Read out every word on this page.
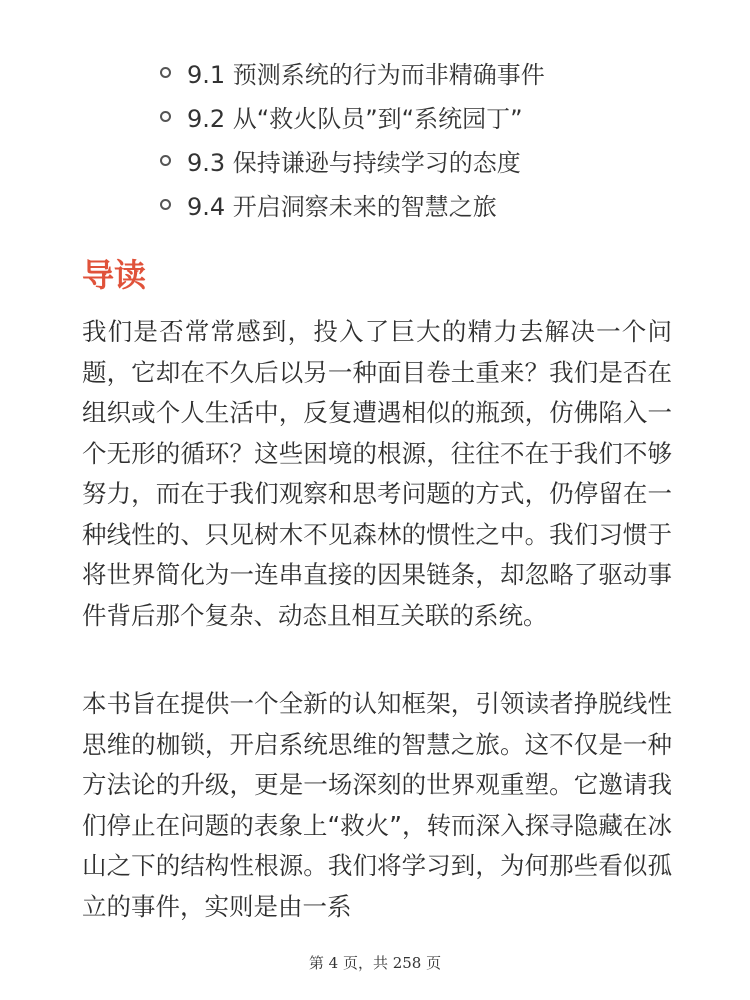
9.1 预测系统的行为而非精确事件
9.2 从“救火队员”到“系统园丁”
9.3 保持谦逊与持续学习的态度
9.4 开启洞察未来的智慧之旅
导读

我们是否常常感到，投入了巨大的精力去解决一个问题，它却在不久后以另一种面目卷土重来？我们是否在组织或个人生活中，反复遭遇相似的瓶颈，仿佛陷入一个无形的循环？这些困境的根源，往往不在于我们不够努力，而在于我们观察和思考问题的方式，仍停留在一种线性的、只见树木不见森林的惯性之中。我们习惯于将世界简化为一连串直接的因果链条，却忽略了驱动事件背后那个复杂、动态且相互关联的系统。

本书旨在提供一个全新的认知框架，引领读者挣脱线性思维的枷锁，开启系统思维的智慧之旅。这不仅是一种方法论的升级，更是一场深刻的世界观重塑。它邀请我们停止在问题的表象上“救火”，转而深入探寻隐藏在冰山之下的结构性根源。我们将学习到，为何那些看似孤立的事件，实则是由一系

第 4 页，共 258 页
